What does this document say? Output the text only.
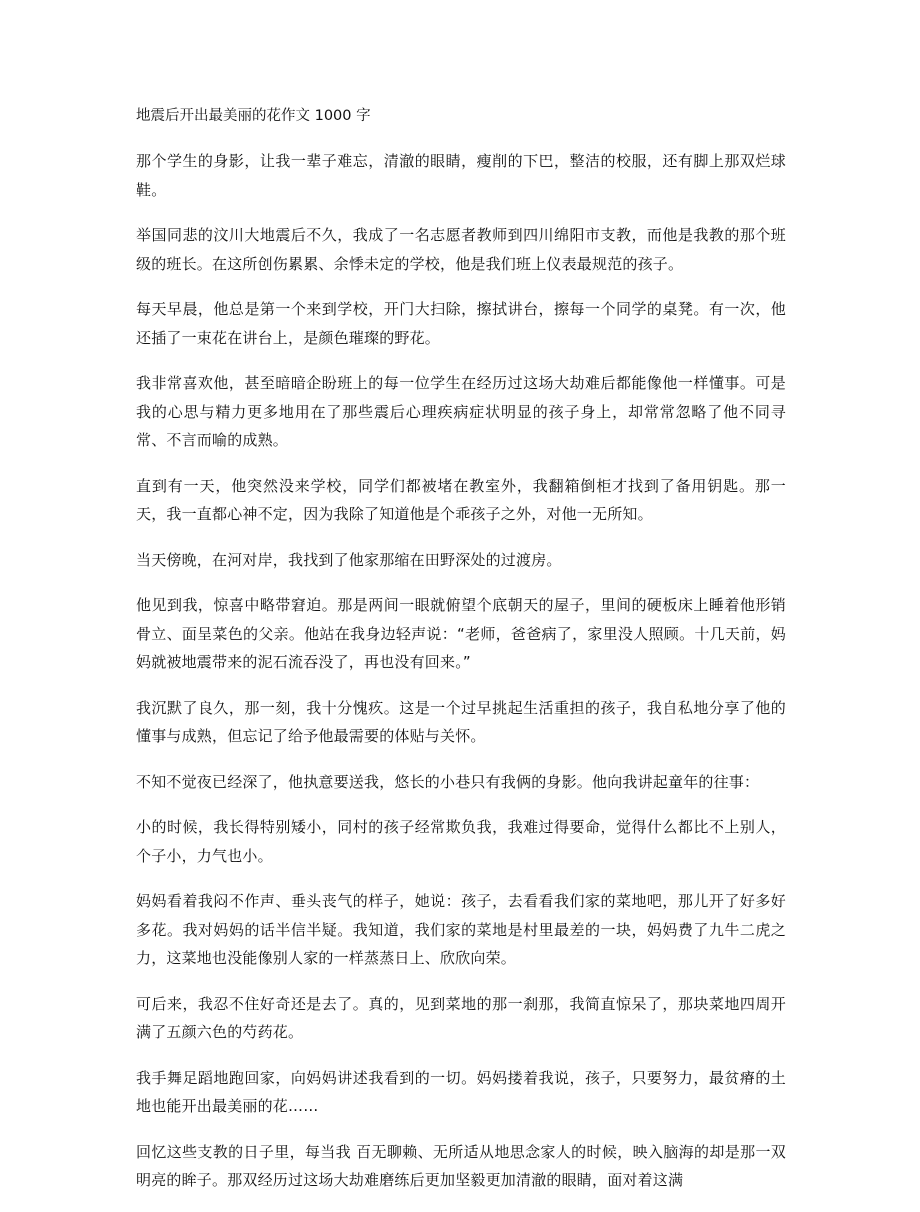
地震后开出最美丽的花作文 1000 字

那个学生的身影，让我一辈子难忘，清澈的眼睛，瘦削的下巴，整洁的校服，还有脚上那双烂球鞋。

举国同悲的汶川大地震后不久，我成了一名志愿者教师到四川绵阳市支教，而他是我教的那个班级的班长。在这所创伤累累、余悸未定的学校，他是我们班上仪表最规范的孩子。

每天早晨，他总是第一个来到学校，开门大扫除，擦拭讲台，擦每一个同学的桌凳。有一次，他还插了一束花在讲台上，是颜色璀璨的野花。

我非常喜欢他，甚至暗暗企盼班上的每一位学生在经历过这场大劫难后都能像他一样懂事。可是我的心思与精力更多地用在了那些震后心理疾病症状明显的孩子身上，却常常忽略了他不同寻常、不言而喻的成熟。

直到有一天，他突然没来学校，同学们都被堵在教室外，我翻箱倒柜才找到了备用钥匙。那一天，我一直都心神不定，因为我除了知道他是个乖孩子之外，对他一无所知。

当天傍晚，在河对岸，我找到了他家那缩在田野深处的过渡房。

他见到我，惊喜中略带窘迫。那是两间一眼就俯望个底朝天的屋子，里间的硬板床上睡着他形销骨立、面呈菜色的父亲。他站在我身边轻声说：“老师，爸爸病了，家里没人照顾。十几天前，妈妈就被地震带来的泥石流吞没了，再也没有回来。”

我沉默了良久，那一刻，我十分愧疚。这是一个过早挑起生活重担的孩子，我自私地分享了他的懂事与成熟，但忘记了给予他最需要的体贴与关怀。

不知不觉夜已经深了，他执意要送我，悠长的小巷只有我俩的身影。他向我讲起童年的往事：

小的时候，我长得特别矮小，同村的孩子经常欺负我，我难过得要命，觉得什么都比不上别人，个子小，力气也小。

妈妈看着我闷不作声、垂头丧气的样子，她说：孩子，去看看我们家的菜地吧，那儿开了好多好多花。我对妈妈的话半信半疑。我知道，我们家的菜地是村里最差的一块，妈妈费了九牛二虎之力，这菜地也没能像别人家的一样蒸蒸日上、欣欣向荣。

可后来，我忍不住好奇还是去了。真的，见到菜地的那一刹那，我简直惊呆了，那块菜地四周开满了五颜六色的芍药花。

我手舞足蹈地跑回家，向妈妈讲述我看到的一切。妈妈搂着我说，孩子，只要努力，最贫瘠的土地也能开出最美丽的花……

回忆这些支教的日子里，每当我 百无聊赖、无所适从地思念家人的时候，映入脑海的却是那一双明亮的眸子。那双经历过这场大劫难磨练后更加坚毅更加清澈的眼睛，面对着这满
